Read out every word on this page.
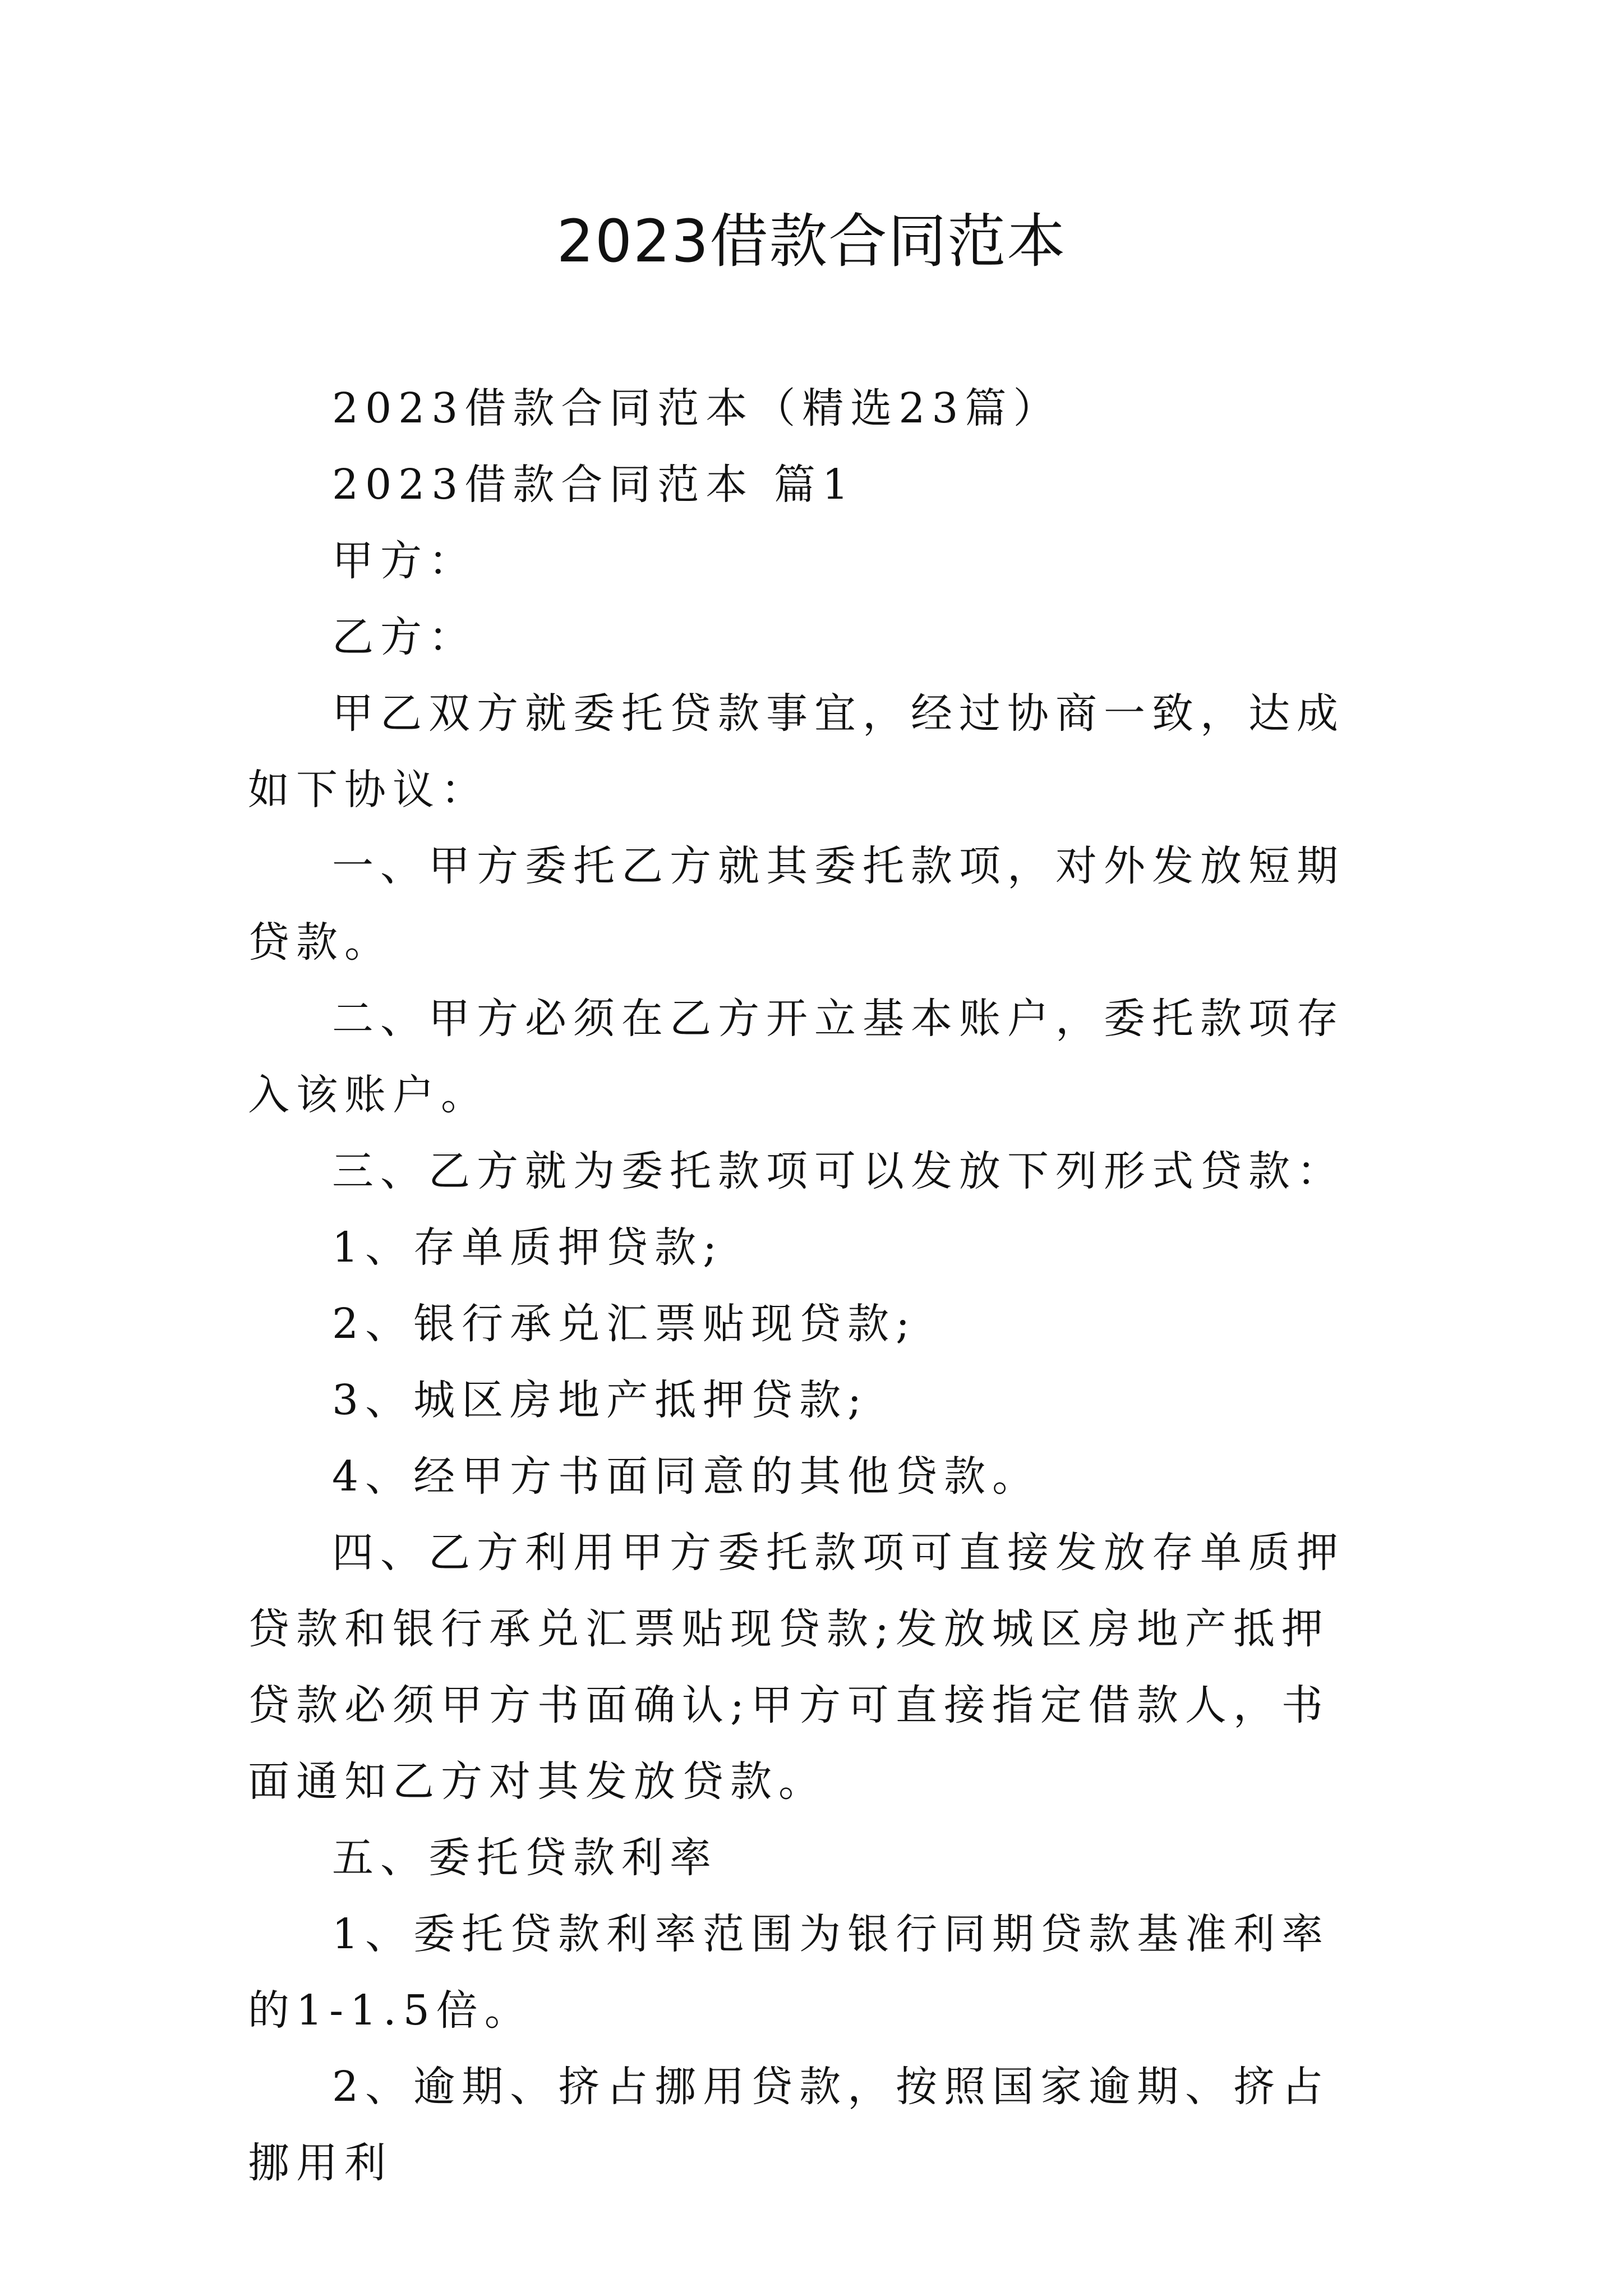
2023借款合同范本

2023借款合同范本（精选23篇）

2023借款合同范本 篇1

甲方：

乙方：

甲乙双方就委托贷款事宜，经过协商一致，达成如下协议：

一、甲方委托乙方就其委托款项，对外发放短期贷款。

二、甲方必须在乙方开立基本账户，委托款项存入该账户。

三、乙方就为委托款项可以发放下列形式贷款：

1、存单质押贷款;

2、银行承兑汇票贴现贷款;

3、城区房地产抵押贷款;

4、经甲方书面同意的其他贷款。

四、乙方利用甲方委托款项可直接发放存单质押贷款和银行承兑汇票贴现贷款;发放城区房地产抵押贷款必须甲方书面确认;甲方可直接指定借款人，书面通知乙方对其发放贷款。

五、委托贷款利率

1、委托贷款利率范围为银行同期贷款基准利率的1-1.5倍。

2、逾期、挤占挪用贷款，按照国家逾期、挤占挪用利
